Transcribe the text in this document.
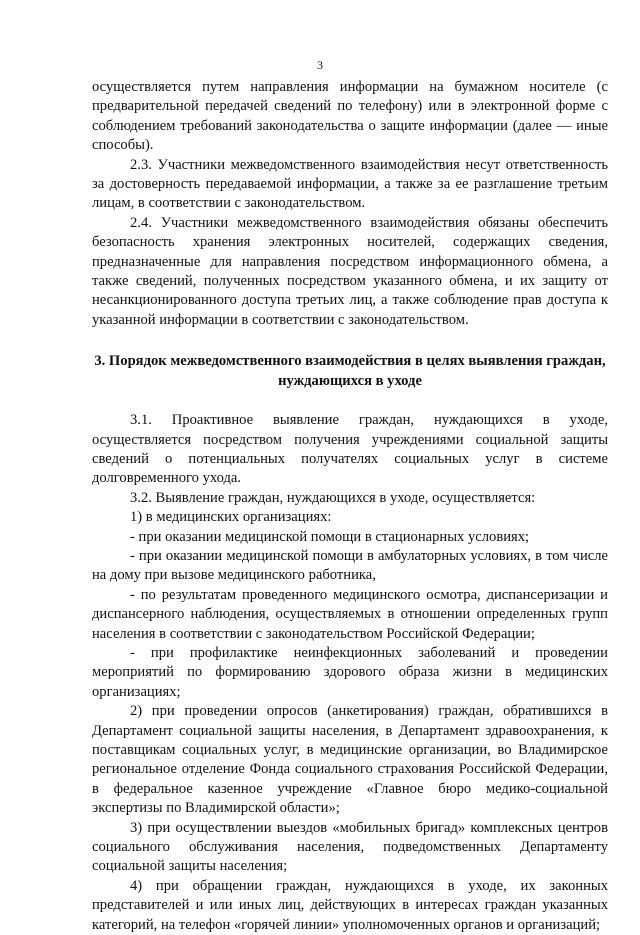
3

осуществляется путем направления информации на бумажном носителе (с предварительной передачей сведений по телефону) или в электронной форме с соблюдением требований законодательства о защите информации (далее — иные способы).

2.3. Участники межведомственного взаимодействия несут ответственность за достоверность передаваемой информации, а также за ее разглашение третьим лицам, в соответствии с законодательством.

2.4. Участники межведомственного взаимодействия обязаны обеспечить безопасность хранения электронных носителей, содержащих сведения, предназначенные для направления посредством информационного обмена, а также сведений, полученных посредством указанного обмена, и их защиту от несанкционированного доступа третьих лиц, а также соблюдение прав доступа к указанной информации в соответствии с законодательством.

3. Порядок межведомственного взаимодействия в целях выявления граждан, нуждающихся в уходе

3.1. Проактивное выявление граждан, нуждающихся в уходе, осуществляется посредством получения учреждениями социальной защиты сведений о потенциальных получателях социальных услуг в системе долговременного ухода.

3.2. Выявление граждан, нуждающихся в уходе, осуществляется:

1) в медицинских организациях:

- при оказании медицинской помощи в стационарных условиях;

- при оказании медицинской помощи в амбулаторных условиях, в том числе на дому при вызове медицинского работника,

- по результатам проведенного медицинского осмотра, диспансеризации и диспансерного наблюдения, осуществляемых в отношении определенных групп населения в соответствии с законодательством Российской Федерации;

- при профилактике неинфекционных заболеваний и проведении мероприятий по формированию здорового образа жизни в медицинских организациях;

2) при проведении опросов (анкетирования) граждан, обратившихся в Департамент социальной защиты населения, в Департамент здравоохранения, к поставщикам социальных услуг, в медицинские организации, во Владимирское региональное отделение Фонда социального страхования Российской Федерации, в федеральное казенное учреждение «Главное бюро медико-социальной экспертизы по Владимирской области»;

3) при осуществлении выездов «мобильных бригад» комплексных центров социального обслуживания населения, подведомственных Департаменту социальной защиты населения;

4) при обращении граждан, нуждающихся в уходе, их законных представителей и или иных лиц, действующих в интересах граждан указанных категорий, на телефон «горячей линии» уполномоченных органов и организаций;
